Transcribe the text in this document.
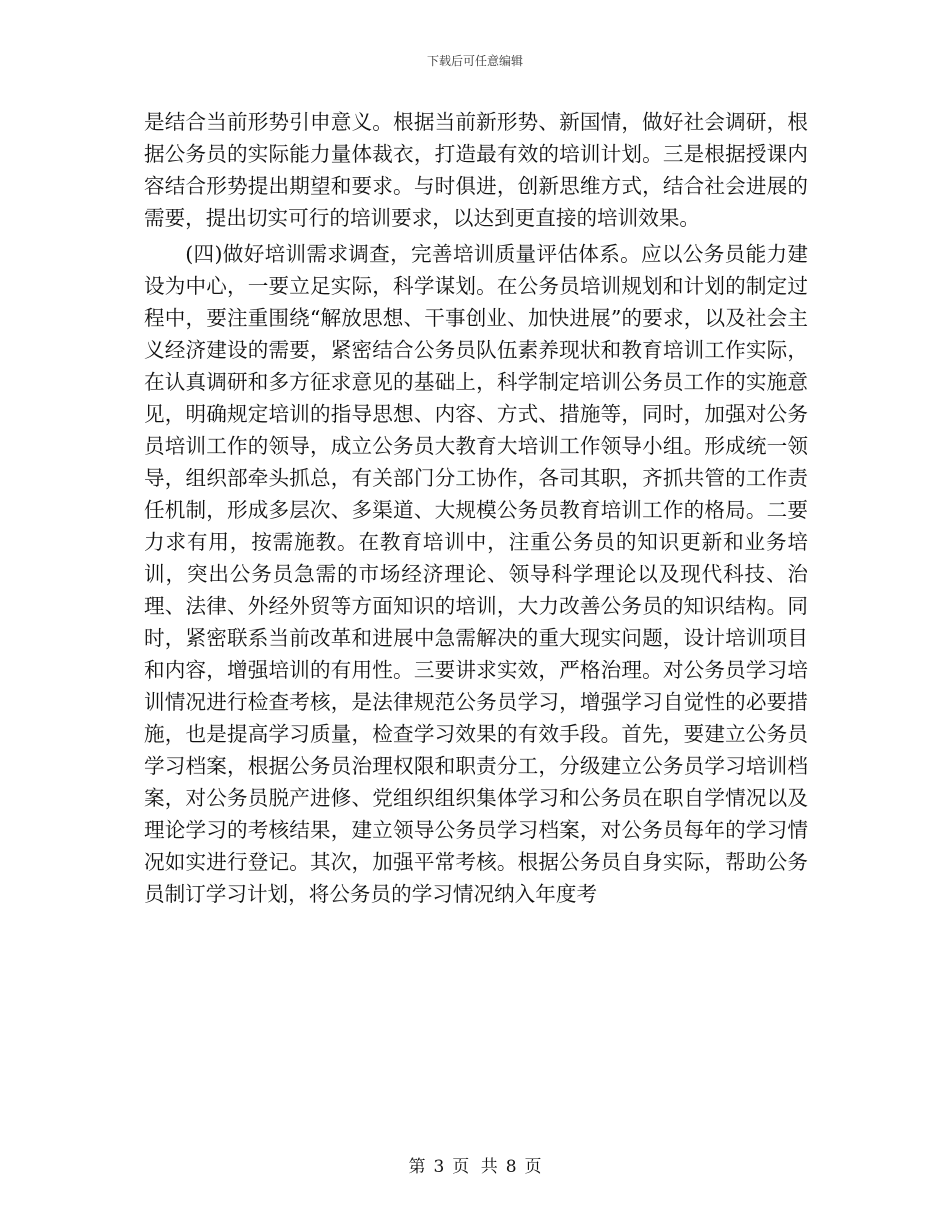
下载后可任意编辑

是结合当前形势引申意义。根据当前新形势、新国情，做好社会调研，根据公务员的实际能力量体裁衣，打造最有效的培训计划。三是根据授课内容结合形势提出期望和要求。与时俱进，创新思维方式，结合社会进展的需要，提出切实可行的培训要求，以达到更直接的培训效果。

(四)做好培训需求调查，完善培训质量评估体系。应以公务员能力建设为中心，一要立足实际，科学谋划。在公务员培训规划和计划的制定过程中，要注重围绕“解放思想、干事创业、加快进展”的要求，以及社会主义经济建设的需要，紧密结合公务员队伍素养现状和教育培训工作实际，在认真调研和多方征求意见的基础上，科学制定培训公务员工作的实施意见，明确规定培训的指导思想、内容、方式、措施等，同时，加强对公务员培训工作的领导，成立公务员大教育大培训工作领导小组。形成统一领导，组织部牵头抓总，有关部门分工协作，各司其职，齐抓共管的工作责任机制，形成多层次、多渠道、大规模公务员教育培训工作的格局。二要力求有用，按需施教。在教育培训中，注重公务员的知识更新和业务培训，突出公务员急需的市场经济理论、领导科学理论以及现代科技、治理、法律、外经外贸等方面知识的培训，大力改善公务员的知识结构。同时，紧密联系当前改革和进展中急需解决的重大现实问题，设计培训项目和内容，增强培训的有用性。三要讲求实效，严格治理。对公务员学习培训情况进行检查考核，是法律规范公务员学习，增强学习自觉性的必要措施，也是提高学习质量，检查学习效果的有效手段。首先，要建立公务员学习档案，根据公务员治理权限和职责分工，分级建立公务员学习培训档案，对公务员脱产进修、党组织组织集体学习和公务员在职自学情况以及理论学习的考核结果，建立领导公务员学习档案，对公务员每年的学习情况如实进行登记。其次，加强平常考核。根据公务员自身实际，帮助公务员制订学习计划，将公务员的学习情况纳入年度考

第 3 页 共 8 页
